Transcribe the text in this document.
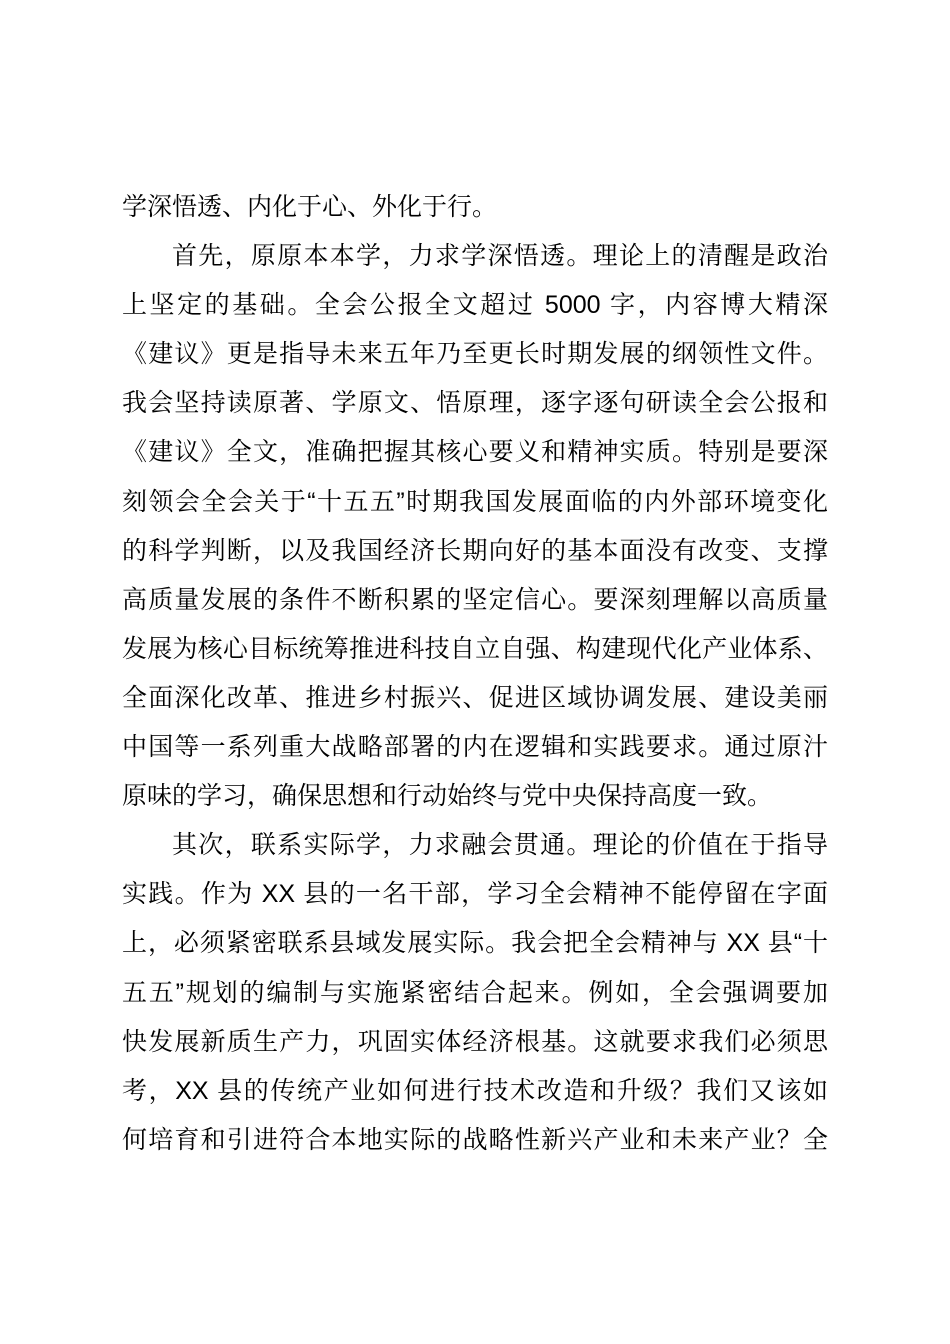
学深悟透、内化于心、外化于行。
首先，原原本本学，力求学深悟透。理论上的清醒是政治
上坚定的基础。全会公报全文超过 5000 字，内容博大精深
《建议》更是指导未来五年乃至更长时期发展的纲领性文件。
我会坚持读原著、学原文、悟原理，逐字逐句研读全会公报和
《建议》全文，准确把握其核心要义和精神实质。特别是要深
刻领会全会关于“十五五”时期我国发展面临的内外部环境变化
的科学判断，以及我国经济长期向好的基本面没有改变、支撑
高质量发展的条件不断积累的坚定信心。要深刻理解以高质量
发展为核心目标统筹推进科技自立自强、构建现代化产业体系、
全面深化改革、推进乡村振兴、促进区域协调发展、建设美丽
中国等一系列重大战略部署的内在逻辑和实践要求。通过原汁
原味的学习，确保思想和行动始终与党中央保持高度一致。
其次，联系实际学，力求融会贯通。理论的价值在于指导
实践。作为 XX 县的一名干部，学习全会精神不能停留在字面
上，必须紧密联系县域发展实际。我会把全会精神与 XX 县“十
五五”规划的编制与实施紧密结合起来。例如，全会强调要加
快发展新质生产力，巩固实体经济根基。这就要求我们必须思
考，XX 县的传统产业如何进行技术改造和升级？我们又该如
何培育和引进符合本地实际的战略性新兴产业和未来产业？全
